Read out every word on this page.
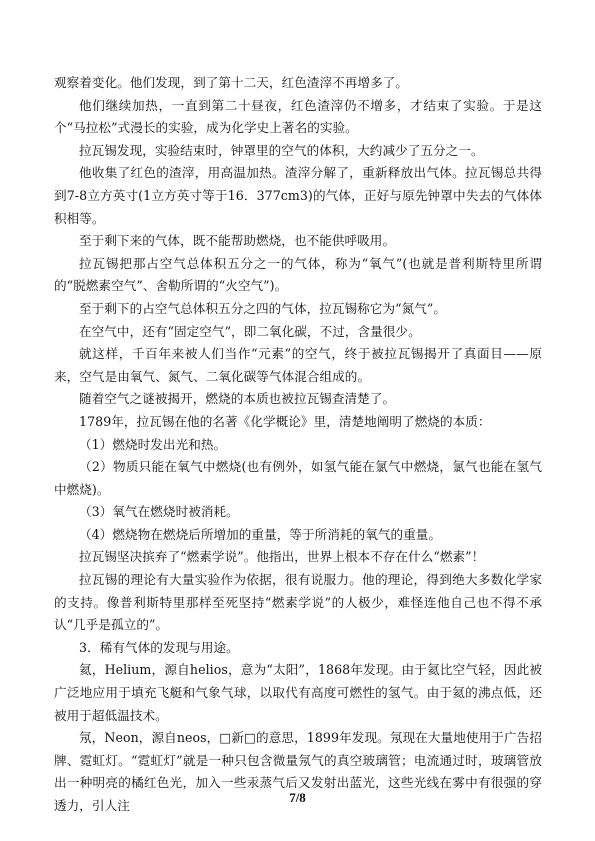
观察着变化。他们发现，到了第十二天，红色渣滓不再增多了。

他们继续加热，一直到第二十昼夜，红色渣滓仍不增多，才结束了实验。于是这个“马拉松”式漫长的实验，成为化学史上著名的实验。

拉瓦锡发现，实验结束时，钟罩里的空气的体积，大约减少了五分之一。

他收集了红色的渣滓，用高温加热。渣滓分解了，重新释放出气体。拉瓦锡总共得到7-8立方英寸(1立方英寸等于16．377cm3)的气体，正好与原先钟罩中失去的气体体积相等。

至于剩下来的气体，既不能帮助燃烧，也不能供呼吸用。

拉瓦锡把那占空气总体积五分之一的气体，称为“氧气”(也就是普利斯特里所谓的“脱燃素空气”、舍勒所谓的“火空气”)。

至于剩下的占空气总体积五分之四的气体，拉瓦锡称它为“氮气”。

在空气中，还有“固定空气”，即二氧化碳，不过，含量很少。

就这样，千百年来被人们当作“元素”的空气，终于被拉瓦锡揭开了真面目——原来，空气是由氧气、氮气、二氧化碳等气体混合组成的。

随着空气之谜被揭开，燃烧的本质也被拉瓦锡查清楚了。

1789年，拉瓦锡在他的名著《化学概论》里，清楚地阐明了燃烧的本质：

（1）燃烧时发出光和热。

（2）物质只能在氧气中燃烧(也有例外，如氢气能在氯气中燃烧，氯气也能在氢气中燃烧)。

（3）氧气在燃烧时被消耗。

（4）燃烧物在燃烧后所增加的重量，等于所消耗的氧气的重量。

拉瓦锡坚决摈弃了“燃素学说”。他指出，世界上根本不存在什么“燃素”！

拉瓦锡的理论有大量实验作为依据，很有说服力。他的理论，得到绝大多数化学家的支持。像普利斯特里那样至死坚持“燃素学说”的人极少，难怪连他自己也不得不承认“几乎是孤立的”。

3．稀有气体的发现与用途。

氦，Helium，源自helios，意为“太阳”，1868年发现。由于氦比空气轻，因此被广泛地应用于填充飞艇和气象气球，以取代有高度可燃性的氢气。由于氦的沸点低，还被用于超低温技术。

氖，Neon，源自neos，□新□的意思，1899年发现。氖现在大量地使用于广告招牌、霓虹灯。“霓虹灯”就是一种只包含微量氖气的真空玻璃管；电流通过时，玻璃管放出一种明亮的橘红色光，加入一些汞蒸气后又发射出蓝光，这些光线在雾中有很强的穿透力，引人注

7/8
